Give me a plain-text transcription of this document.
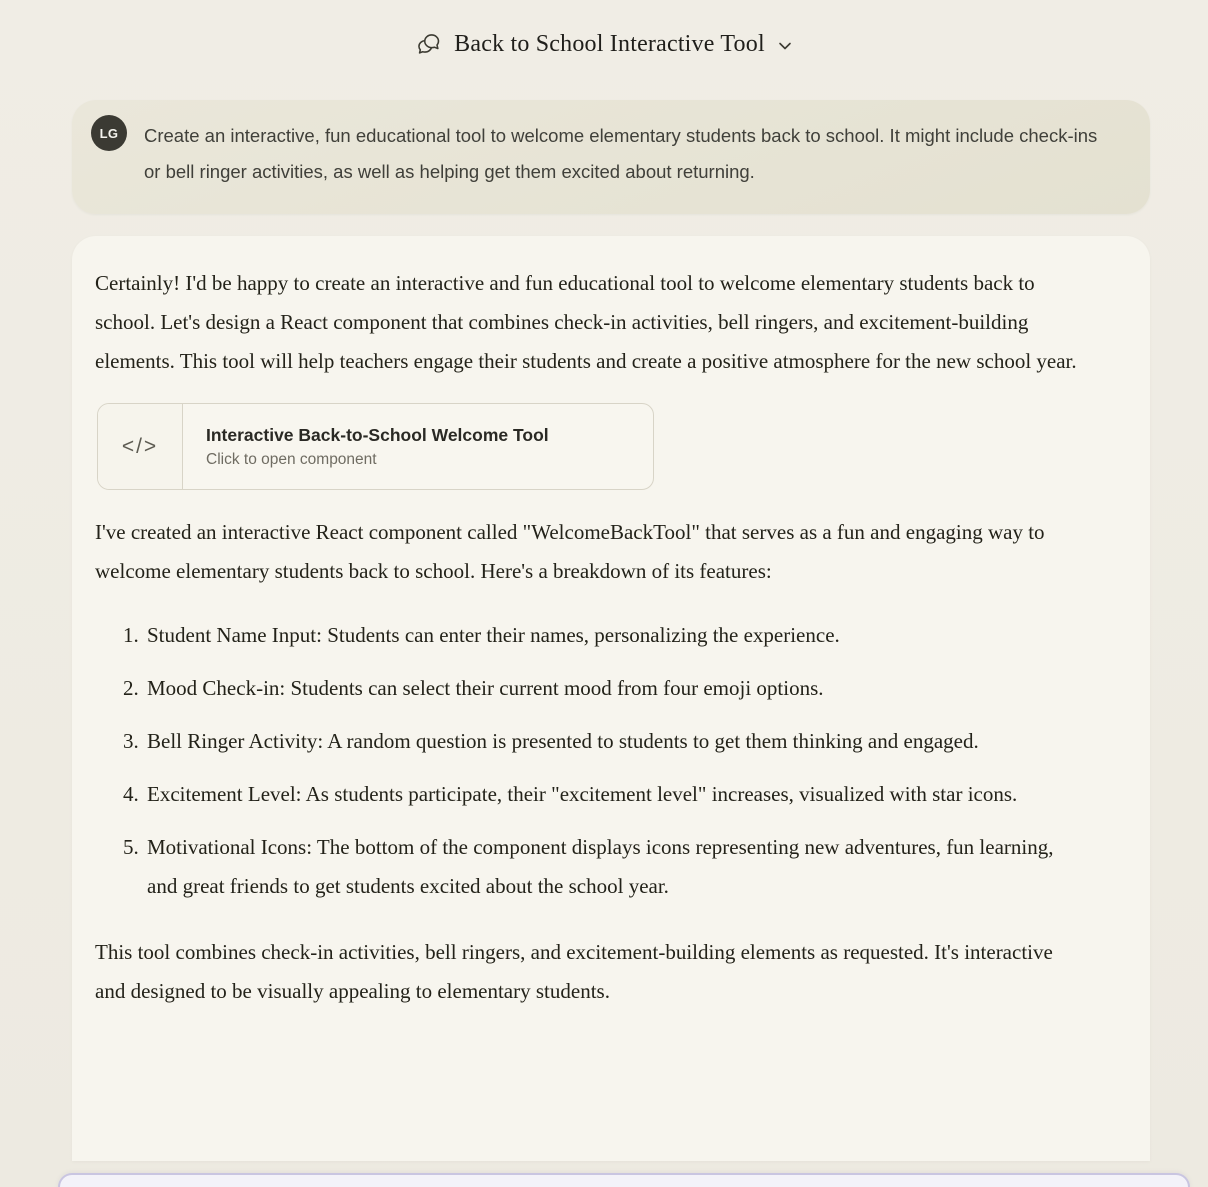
Back to School Interactive Tool
LG	Create an interactive, fun educational tool to welcome elementary students back to school. It might include check-ins or bell ringer activities, as well as helping get them excited about returning.

Certainly! I'd be happy to create an interactive and fun educational tool to welcome elementary students back to school. Let's design a React component that combines check-in activities, bell ringers, and excitement-building elements. This tool will help teachers engage their students and create a positive atmosphere for the new school year.

</>	Interactive Back-to-School Welcome Tool
Click to open component

I've created an interactive React component called "WelcomeBackTool" that serves as a fun and engaging way to welcome elementary students back to school. Here's a breakdown of its features:

1. Student Name Input: Students can enter their names, personalizing the experience.
2. Mood Check-in: Students can select their current mood from four emoji options.
3. Bell Ringer Activity: A random question is presented to students to get them thinking and engaged.
4. Excitement Level: As students participate, their "excitement level" increases, visualized with star icons.
5. Motivational Icons: The bottom of the component displays icons representing new adventures, fun learning, and great friends to get students excited about the school year.

This tool combines check-in activities, bell ringers, and excitement-building elements as requested. It's interactive and designed to be visually appealing to elementary students.
